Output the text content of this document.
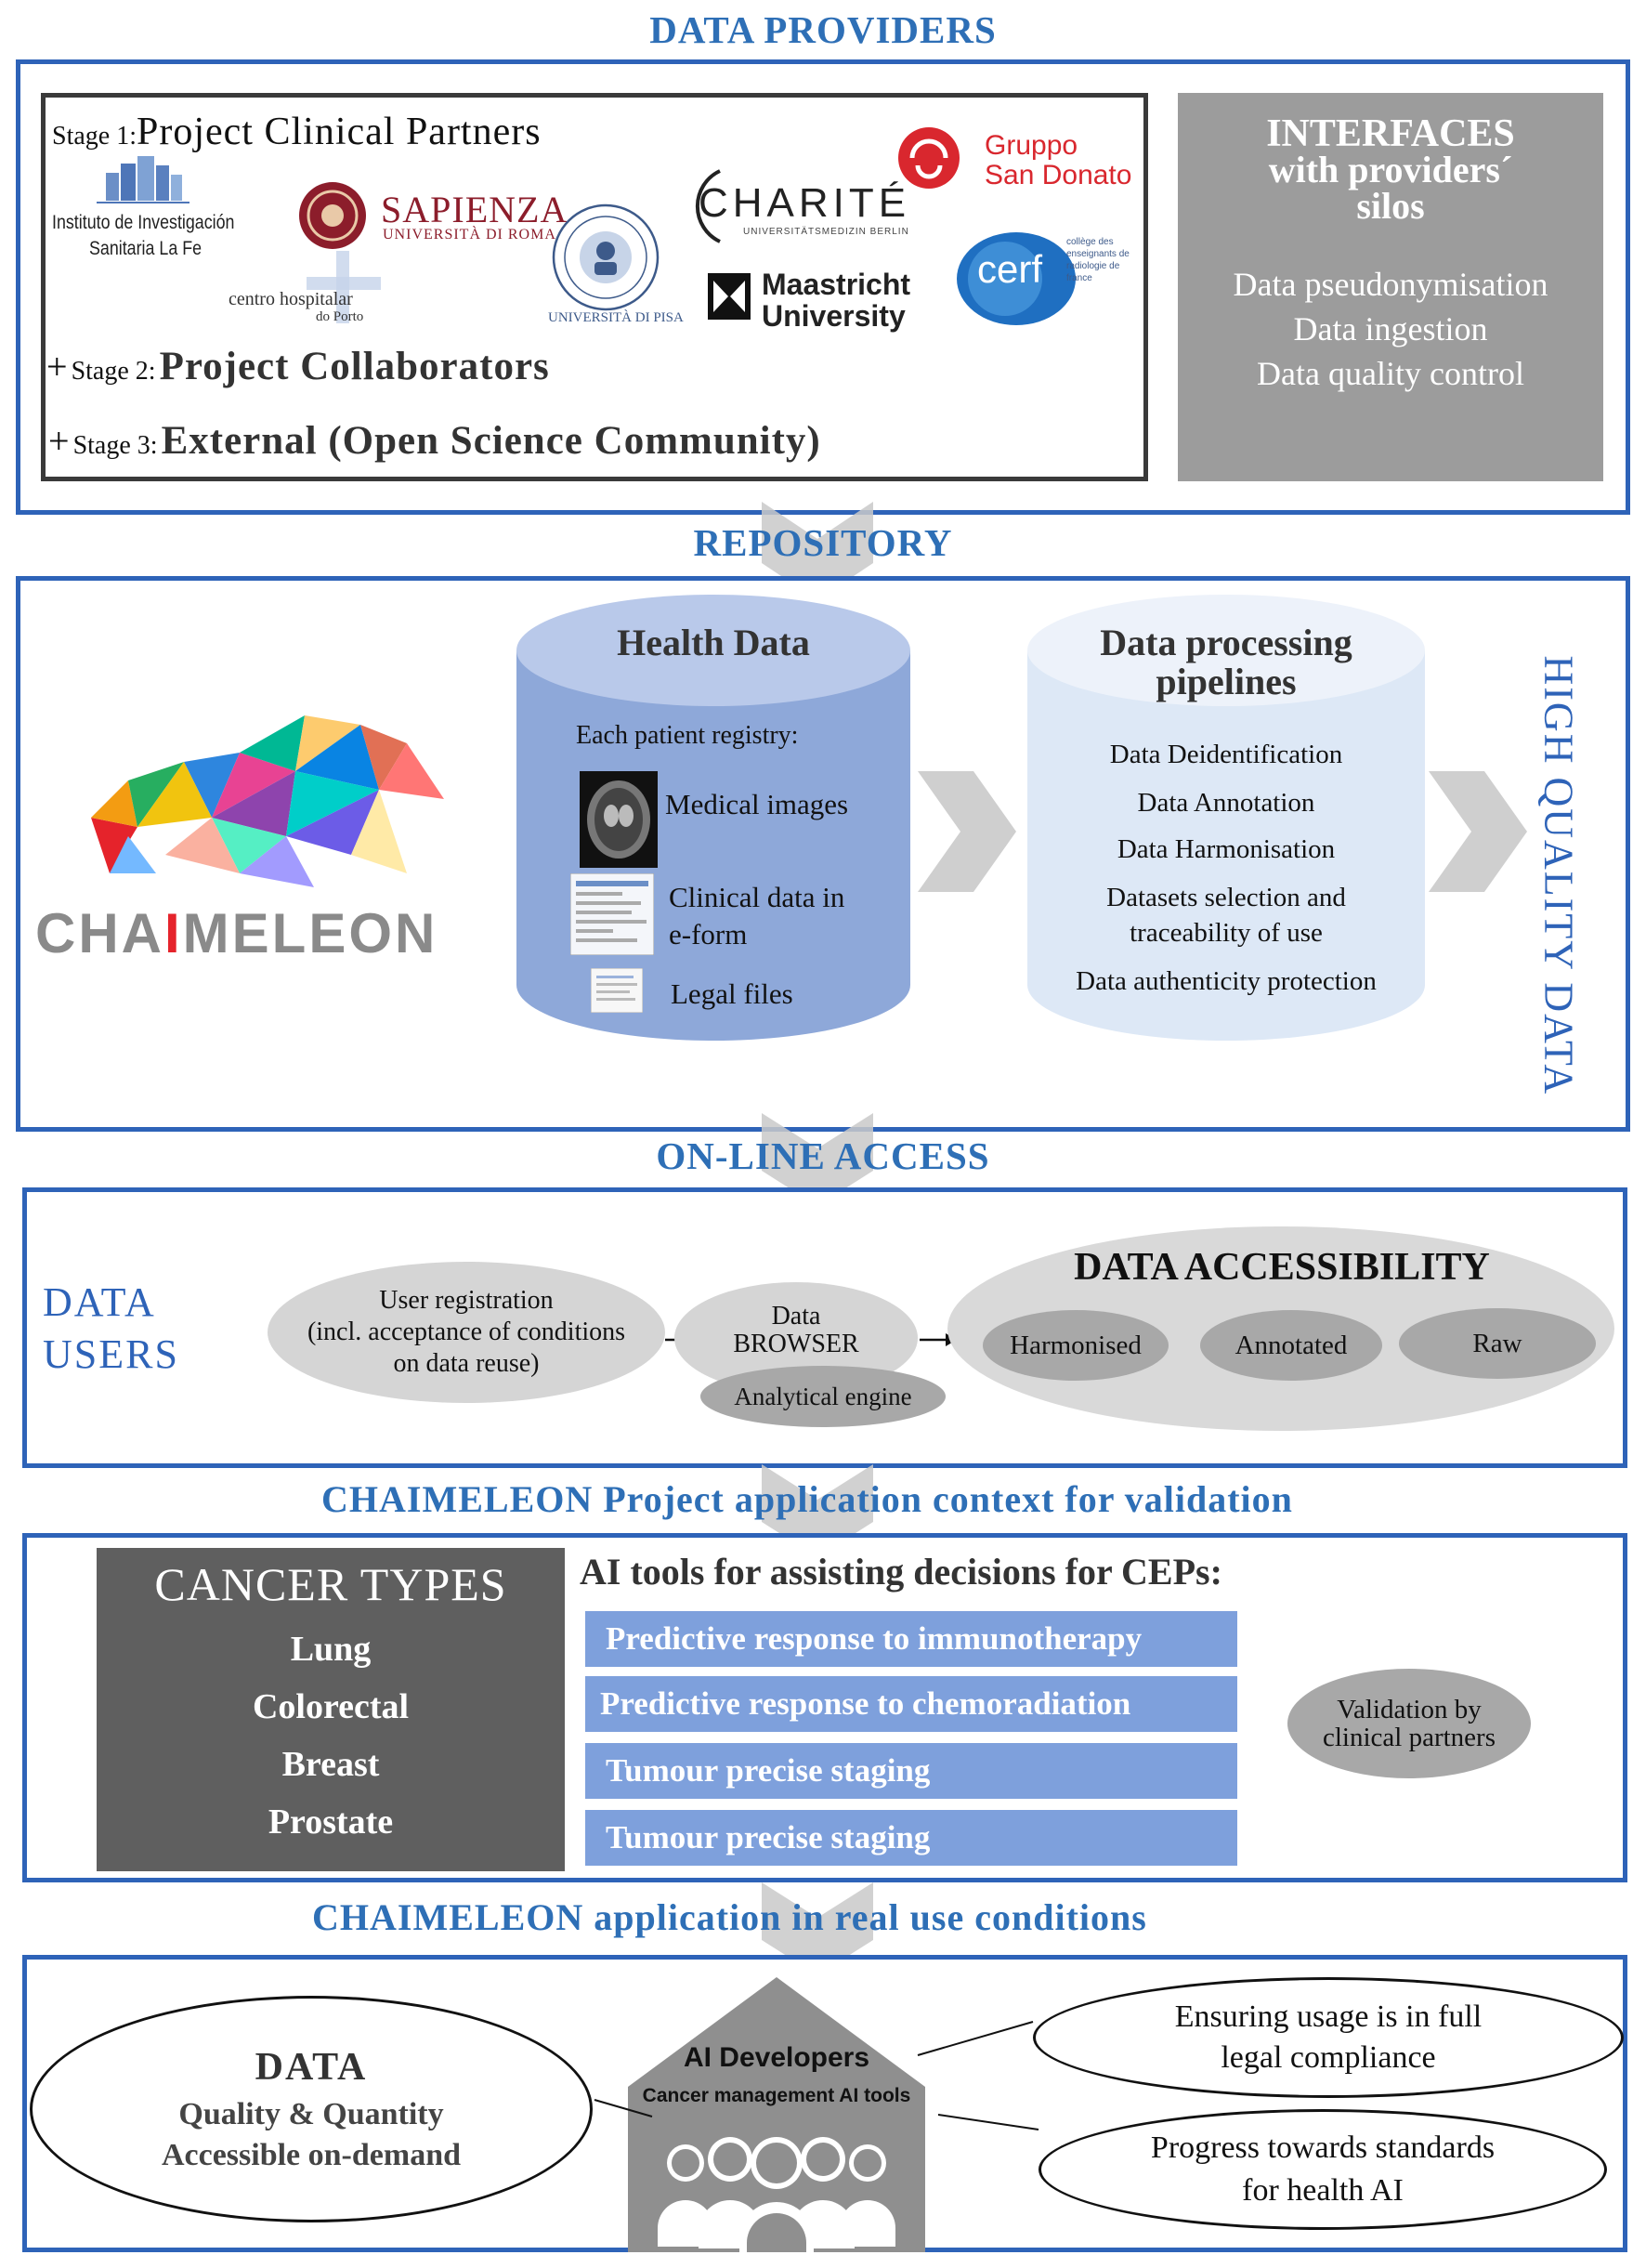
DATA PROVIDERS
Stage 1:Project Clinical Partners
Instituto de Investigación
Sanitaria La Fe
SAPIENZA
UNIVERSITÀ DI ROMA
centro hospitalar
do Porto	UNIVERSITÀ DI PISA
CHARITÉ
UNIVERSITÄTSMEDIZIN BERLIN
Gruppo
San Donato
Maastricht
University
cerf
collège des enseignants de radiologie de france
+ Stage 2: Project Collaborators
+ Stage 3: External (Open Science Community)
INTERFACES
with providers´
silos
Data pseudonymisation
Data ingestion
Data quality control
REPOSITORY
CHAIMELEON
Health Data
Each patient registry:
Medical images
Clinical data in
e-form
Legal files
Data processing
pipelines
Data Deidentification
Data Annotation
Data Harmonisation
Datasets selection and
traceability of use
Data authenticity protection	HIGH QUALITY DATA
ON-LINE ACCESS
DATA
USERS
User registration
(incl. acceptance of conditions
on data reuse)
Data
BROWSER
Analytical engine
DATA ACCESSIBILITY
Harmonised	Annotated	Raw
CHAIMELEON Project application context for validation
CANCER TYPES
Lung
Colorectal
Breast
Prostate
AI tools for assisting decisions for CEPs:
Predictive response to immunotherapy
Predictive response to chemoradiation
Tumour precise staging
Tumour precise staging
Validation by
clinical partners
CHAIMELEON application in real use conditions
DATA
Quality & Quantity
Accessible on-demand
AI Developers
Cancer management AI tools
Ensuring usage is in full
legal compliance
Progress towards standards
for health AI
